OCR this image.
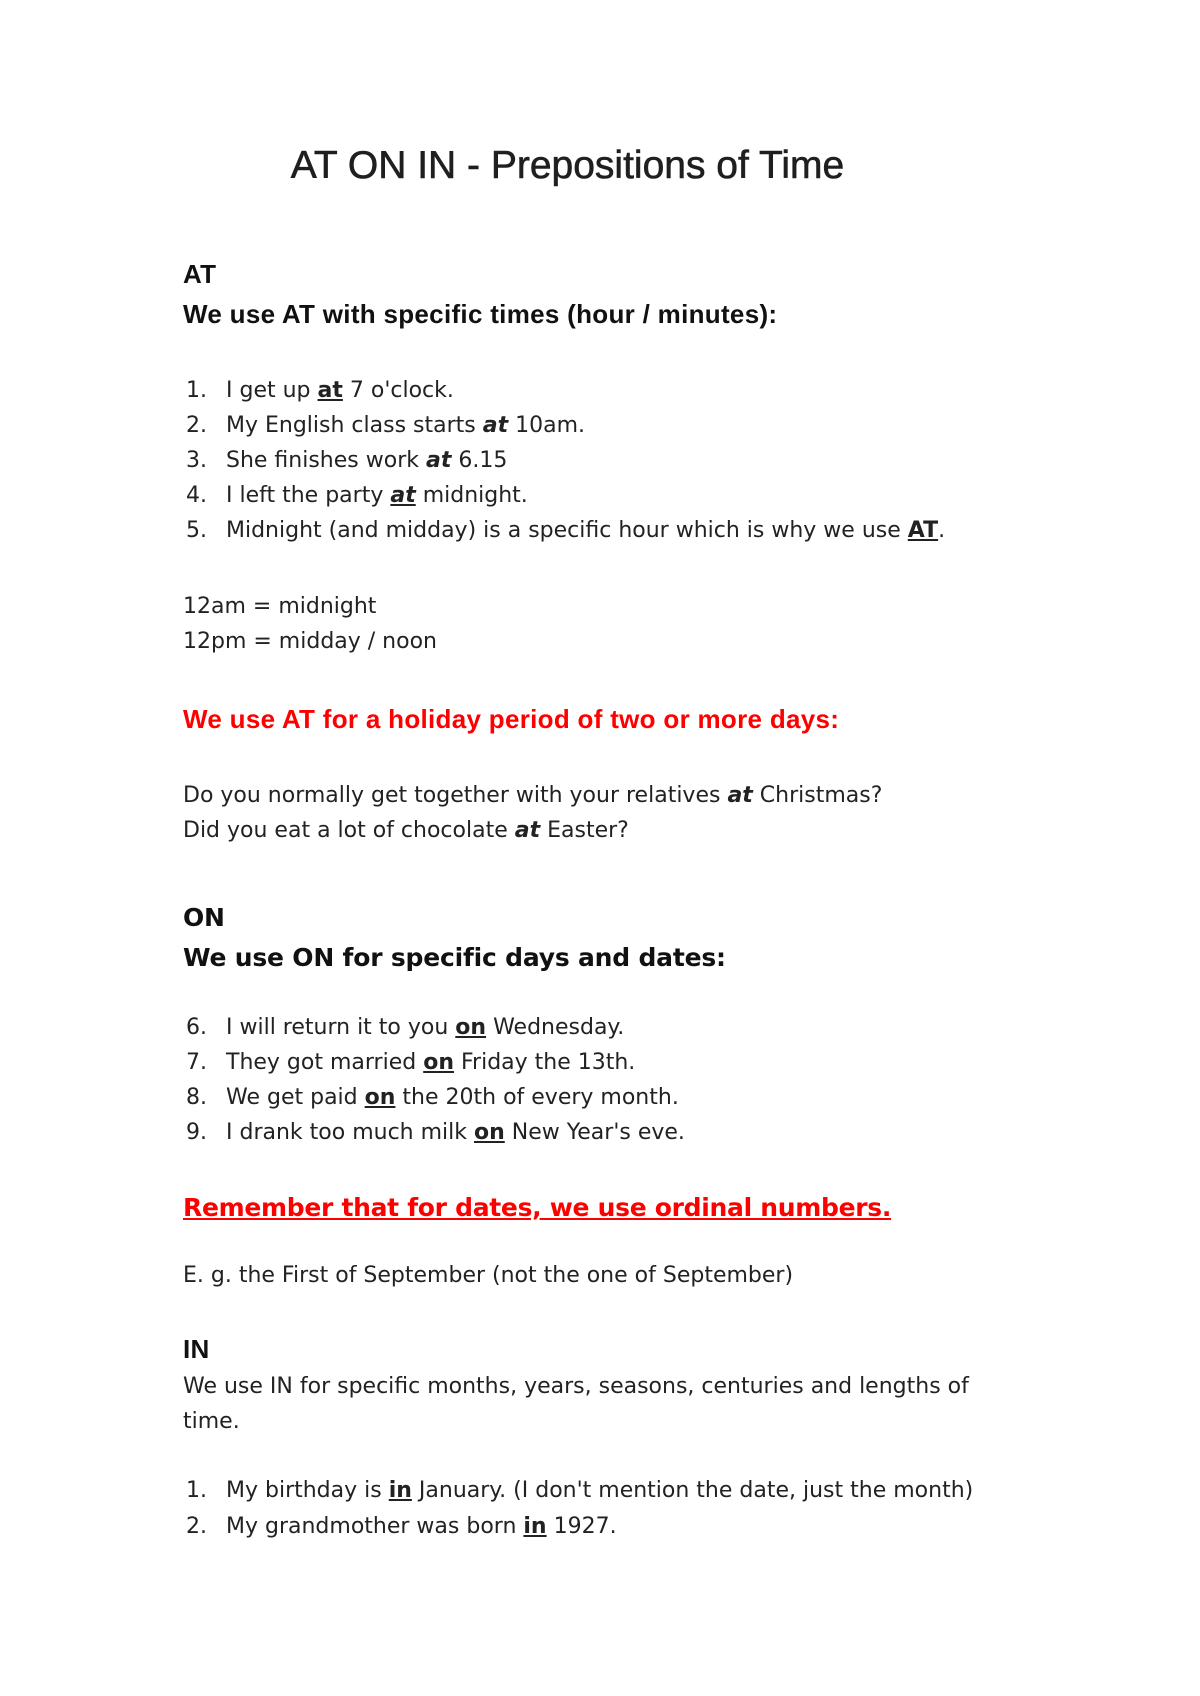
AT ON IN - Prepositions of Time
AT
We use AT with specific times (hour / minutes):
1. I get up at 7 o'clock.
2. My English class starts at 10am.
3. She finishes work at 6.15
4. I left the party at midnight.
5. Midnight (and midday) is a specific hour which is why we use AT.
12am = midnight
12pm = midday / noon
We use AT for a holiday period of two or more days:
Do you normally get together with your relatives at Christmas?
Did you eat a lot of chocolate at Easter?
ON
We use ON for specific days and dates:
6. I will return it to you on Wednesday.
7. They got married on Friday the 13th.
8. We get paid on the 20th of every month.
9. I drank too much milk on New Year's eve.
Remember that for dates, we use ordinal numbers.
E. g. the First of September (not the one of September)
IN
We use IN for specific months, years, seasons, centuries and lengths of
time.
1. My birthday is in January. (I don't mention the date, just the month)
2. My grandmother was born in 1927.
